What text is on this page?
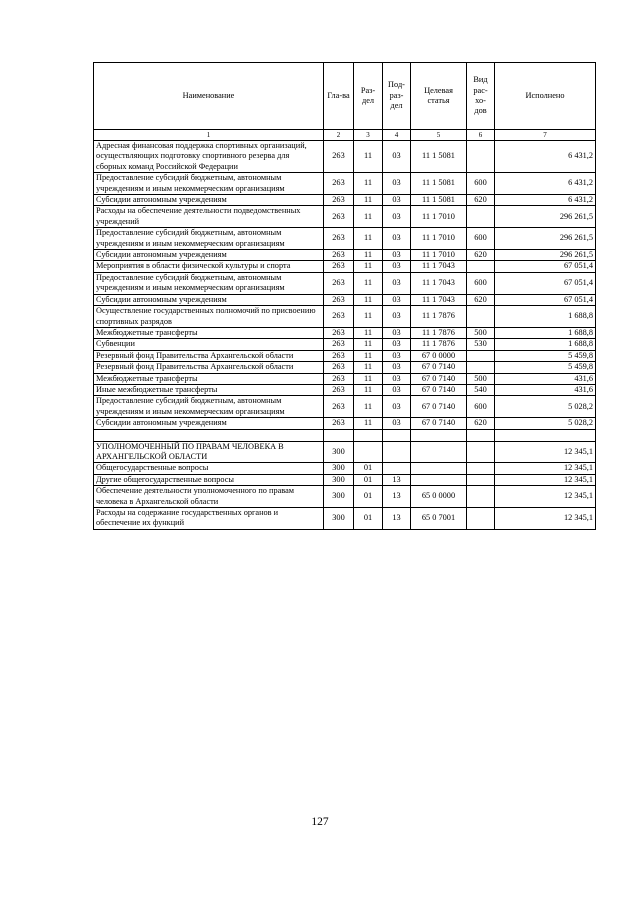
Наименование	Гла-ва	Раз-дел	Под-раз-дел	Целевая статья	Вид рас-хо-дов	Исполнено
1	2	3	4	5	6	7
Адресная финансовая поддержка спортивных организаций, осуществляющих подготовку спортивного резерва для сборных команд Российской Федерации	263	11	03	11 1 5081		6 431,2
Предоставление субсидий бюджетным, автономным учреждениям и иным некоммерческим организациям	263	11	03	11 1 5081	600	6 431,2
Субсидии автономным учреждениям	263	11	03	11 1 5081	620	6 431,2
Расходы на обеспечение деятельности подведомственных учреждений	263	11	03	11 1 7010		296 261,5
Предоставление субсидий бюджетным, автономным учреждениям и иным некоммерческим организациям	263	11	03	11 1 7010	600	296 261,5
Субсидии автономным учреждениям	263	11	03	11 1 7010	620	296 261,5
Мероприятия в области физической культуры и спорта	263	11	03	11 1 7043		67 051,4
Предоставление субсидий бюджетным, автономным учреждениям и иным некоммерческим организациям	263	11	03	11 1 7043	600	67 051,4
Субсидии автономным учреждениям	263	11	03	11 1 7043	620	67 051,4
Осуществление государственных полномочий по присвоению спортивных разрядов	263	11	03	11 1 7876		1 688,8
Межбюджетные трансферты	263	11	03	11 1 7876	500	1 688,8
Субвенции	263	11	03	11 1 7876	530	1 688,8
Резервный фонд Правительства Архангельской области	263	11	03	67 0 0000		5 459,8
Резервный фонд Правительства Архангельской области	263	11	03	67 0 7140		5 459,8
Межбюджетные трансферты	263	11	03	67 0 7140	500	431,6
Иные межбюджетные трансферты	263	11	03	67 0 7140	540	431,6
Предоставление субсидий бюджетным, автономным учреждениям и иным некоммерческим организациям	263	11	03	67 0 7140	600	5 028,2
Субсидии автономным учреждениям	263	11	03	67 0 7140	620	5 028,2

УПОЛНОМОЧЕННЫЙ ПО ПРАВАМ ЧЕЛОВЕКА В АРХАНГЕЛЬСКОЙ ОБЛАСТИ	300					12 345,1
Общегосударственные вопросы	300	01				12 345,1
Другие общегосударственные вопросы	300	01	13			12 345,1
Обеспечение деятельности уполномоченного по правам человека в Архангельской области	300	01	13	65 0 0000		12 345,1
Расходы на содержание государственных органов и обеспечение их функций	300	01	13	65 0 7001		12 345,1
127
